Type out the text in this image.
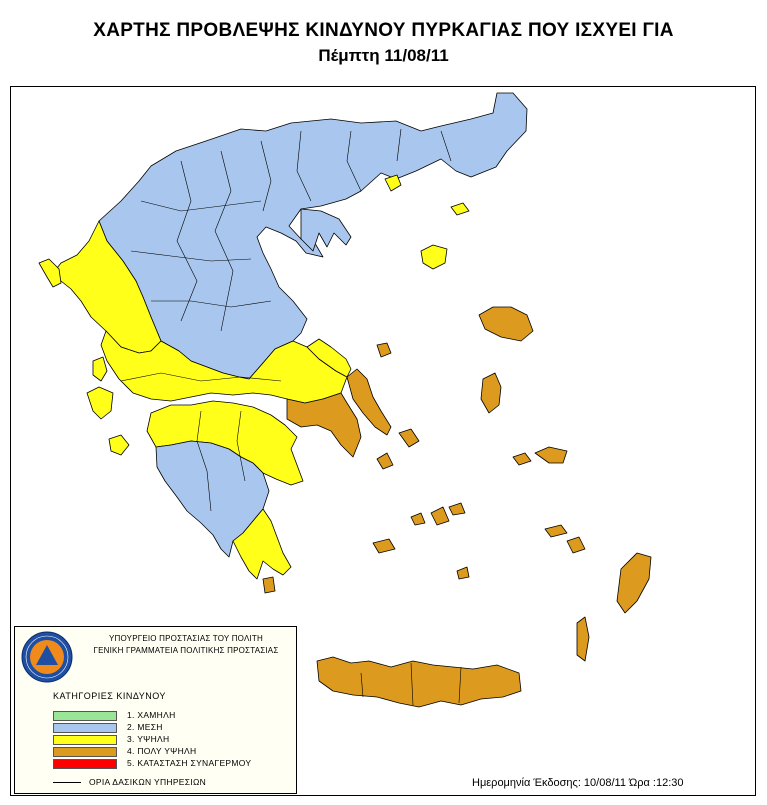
ΧΑΡΤΗΣ ΠΡΟΒΛΕΨΗΣ ΚΙΝΔΥΝΟΥ ΠΥΡΚΑΓΙΑΣ ΠΟΥ ΙΣΧΥΕΙ ΓΙΑ
Πέμπτη 11/08/11
ΥΠΟΥΡΓΕΙΟ ΠΡΟΣΤΑΣΙΑΣ ΤΟΥ ΠΟΛΙΤΗ
ΓΕΝΙΚΗ ΓΡΑΜΜΑΤΕΙΑ ΠΟΛΙΤΙΚΗΣ ΠΡΟΣΤΑΣΙΑΣ
ΚΑΤΗΓΟΡΙΕΣ ΚΙΝΔΥΝΟΥ
1. ΧΑΜΗΛΗ
2. ΜΕΣΗ
3. ΥΨΗΛΗ
4. ΠΟΛΥ ΥΨΗΛΗ
5. ΚΑΤΑΣΤΑΣΗ ΣΥΝΑΓΕΡΜΟΥ
ΟΡΙΑ ΔΑΣΙΚΩΝ ΥΠΗΡΕΣΙΩΝ	Ημερομηνία Έκδοσης: 10/08/11 Ώρα :12:30
